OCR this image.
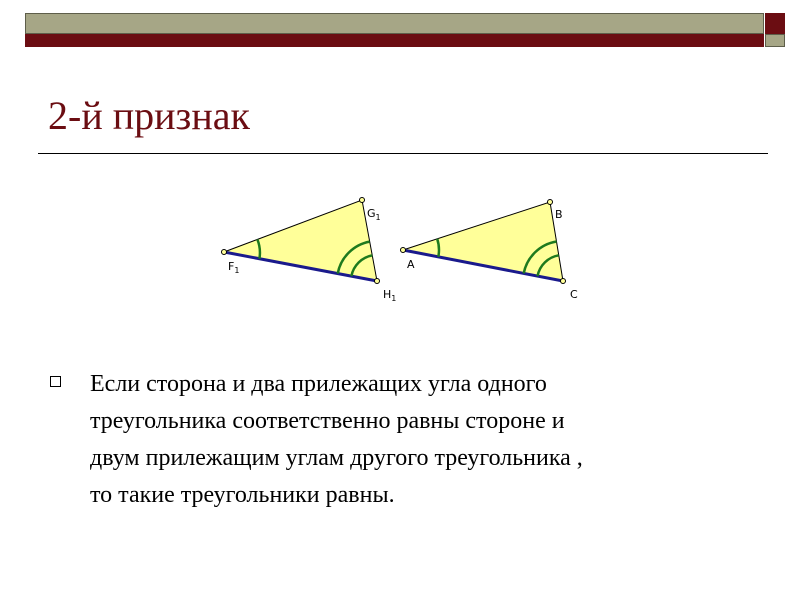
2-й признак
$F_1$
$G_1$
$H_1$
A
B
C

Если сторона и два прилежащих угла одного
треугольника соответственно равны стороне и
двум прилежащим углам другого треугольника ,
то такие треугольники равны.
